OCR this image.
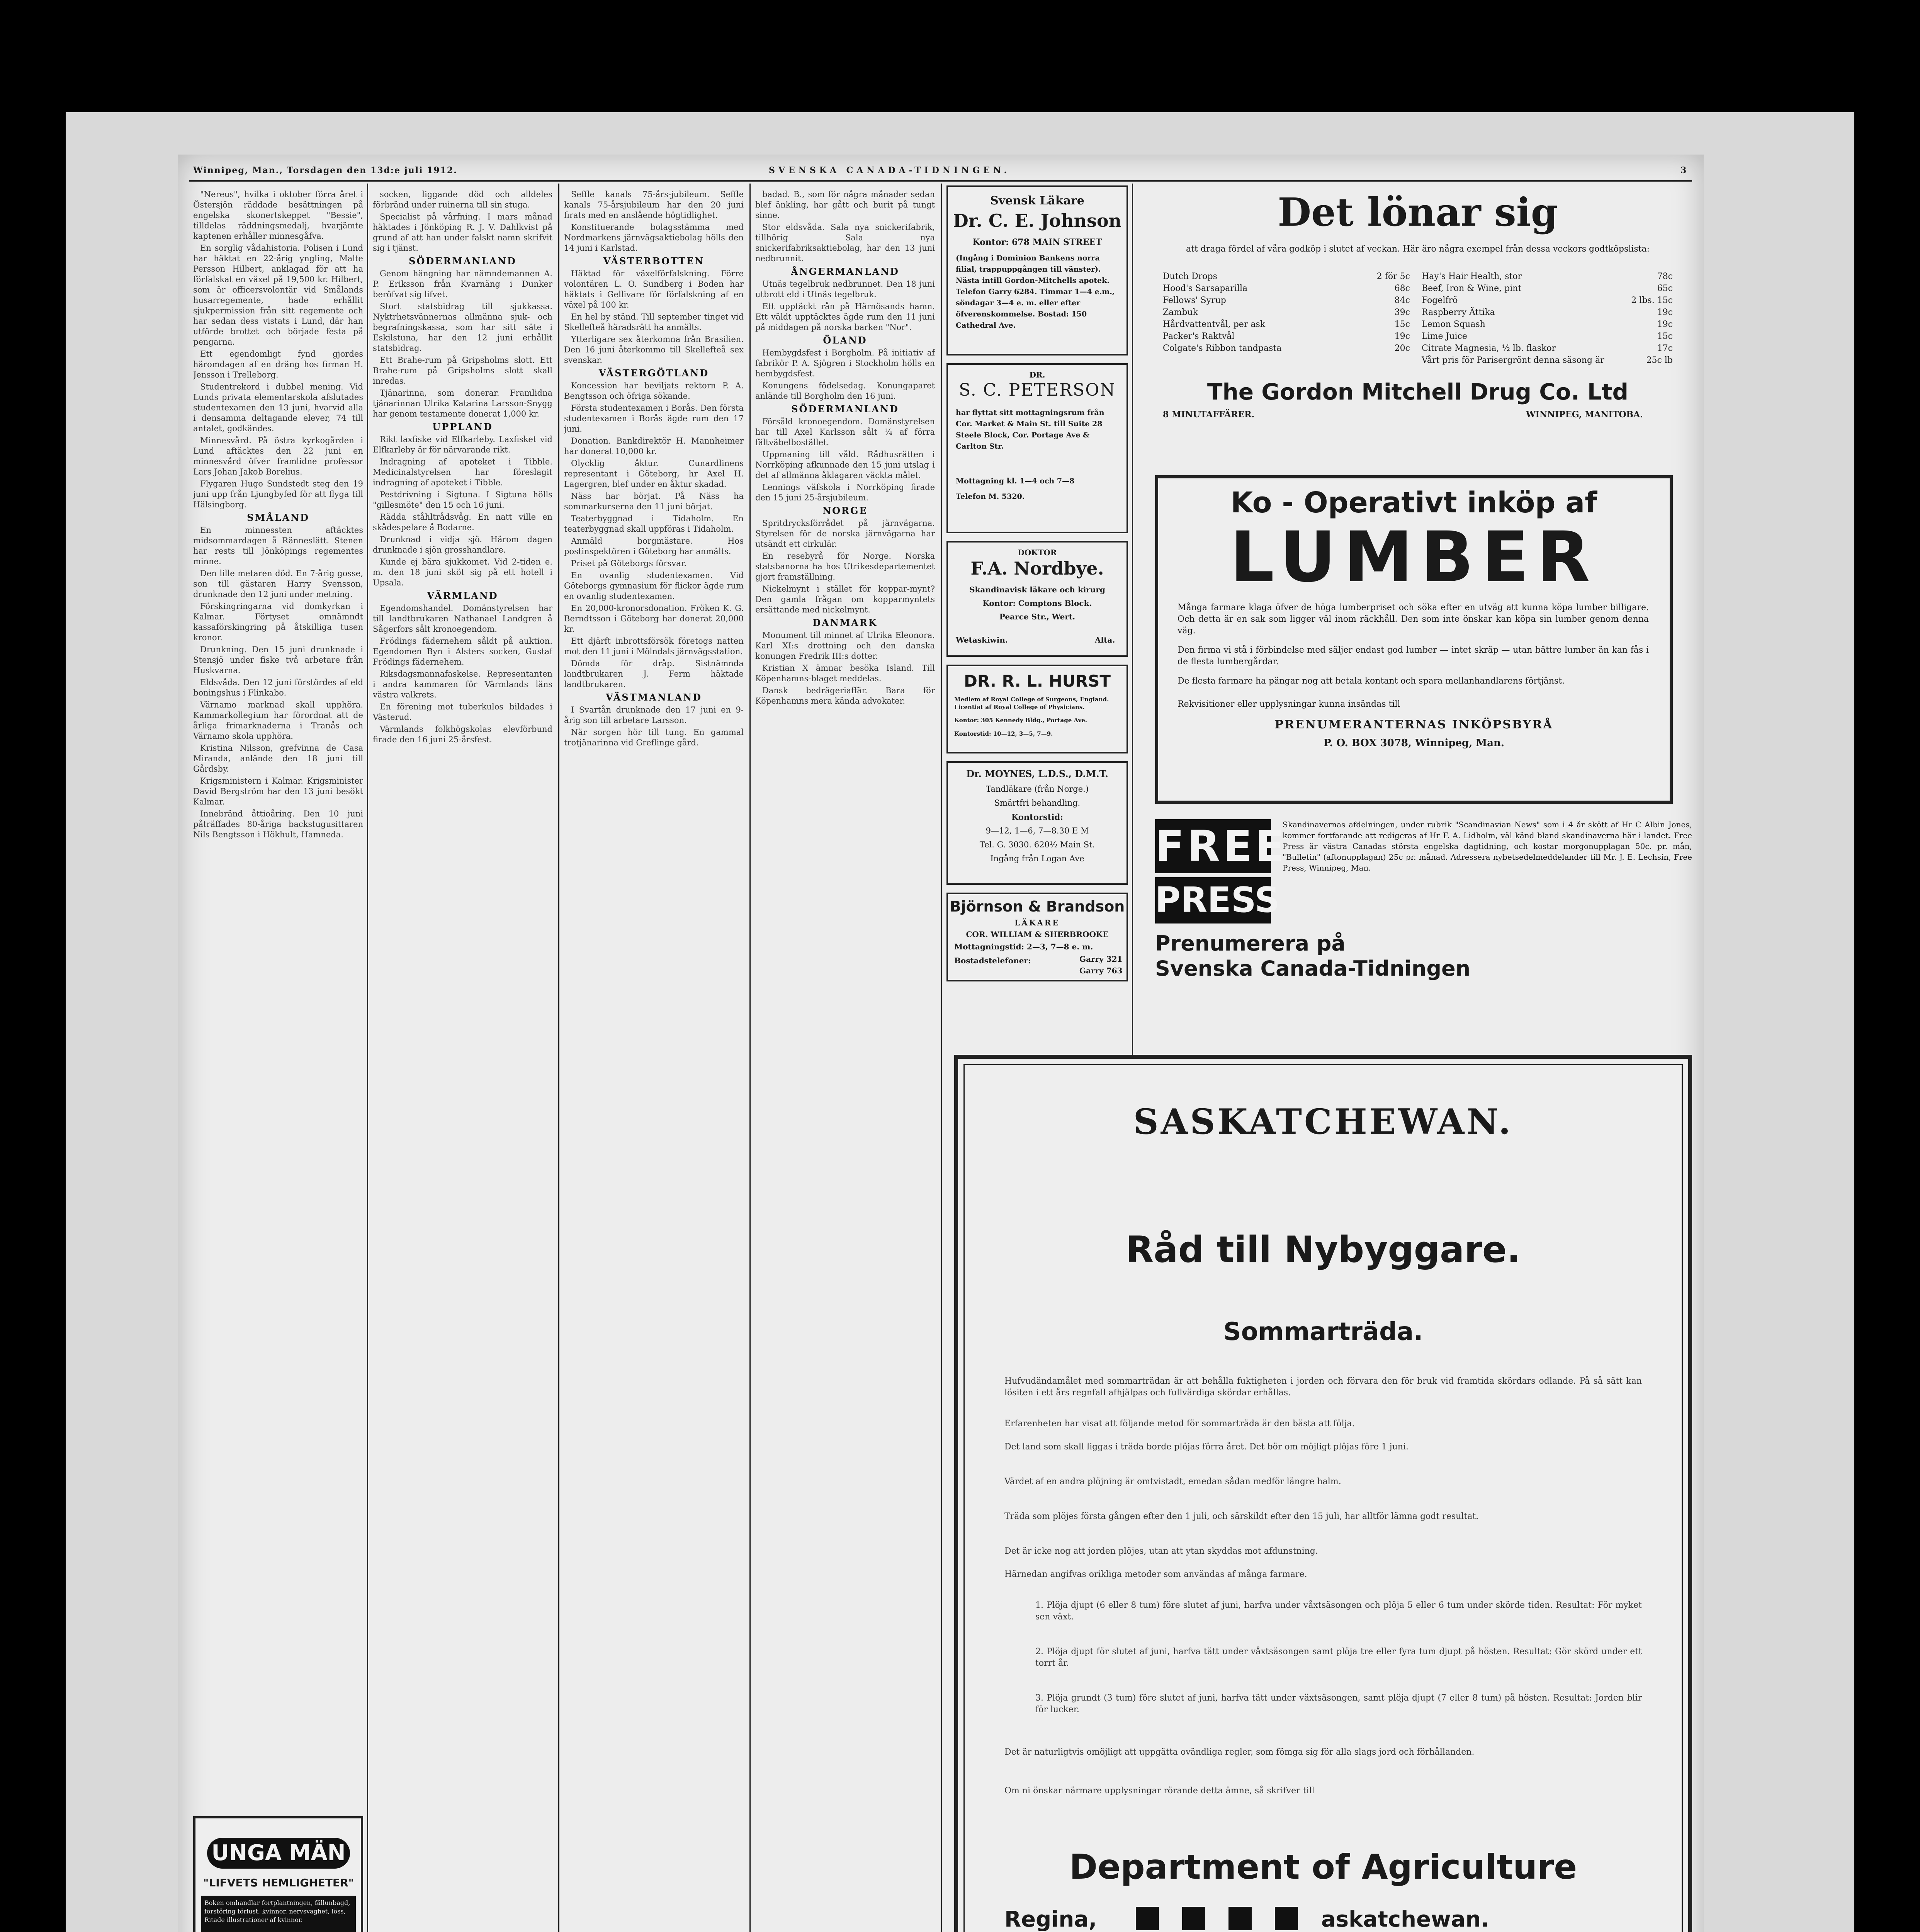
Winnipeg, Man., Torsdagen den 13d:e juli 1912.	SVENSKA CANADA-TIDNINGEN.	3

"Nereus", hvilka i oktober förra året i Östersjön räddade besättningen på engelska skonertskeppet "Bessie", tilldelas räddningsmedalj, hvarjämte kaptenen erhåller minnesgåfva.

En sorglig vådahistoria. Polisen i Lund har häktat en 22-årig yngling, Malte Persson Hilbert, anklagad för att ha förfalskat en växel på 19,500 kr. Hilbert, som är officersvolontär vid Smålands husarregemente, hade erhållit sjukpermission från sitt regemente och har sedan dess vistats i Lund, där han utförde brottet och började festa på pengarna.

Ett egendomligt fynd gjordes häromdagen af en dräng hos firman H. Jensson i Trelleborg.

Studentrekord i dubbel mening. Vid Lunds privata elementarskola afslutades studentexamen den 13 juni, hvarvid alla i densamma deltagande elever, 74 till antalet, godkändes.

Minnesvård. På östra kyrkogården i Lund aftäcktes den 22 juni en minnesvård öfver framlidne professor Lars Johan Jakob Borelius.

Flygaren Hugo Sundstedt steg den 19 juni upp från Ljungbyfed för att flyga till Hälsingborg.

SMÅLAND

En minnessten aftäcktes midsommardagen å Ränneslätt. Stenen har rests till Jönköpings regementes minne.

Den lille metaren död. En 7-årig gosse, son till gästaren Harry Svensson, drunknade den 12 juni under metning.

Förskingringarna vid domkyrkan i Kalmar. Förtyset omnämndt kassaförskingring på åtskilliga tusen kronor.

Drunkning. Den 15 juni drunknade i Stensjö under fiske två arbetare från Huskvarna.

Eldsvåda. Den 12 juni förstördes af eld boningshus i Flinkabo.

Värnamo marknad skall upphöra. Kammarkollegium har förordnat att de årliga frimarknaderna i Tranås och Värnamo skola upphöra.

Kristina Nilsson, grefvinna de Casa Miranda, anlände den 18 juni till Gårdsby.

Krigsministern i Kalmar. Krigsminister David Bergström har den 13 juni besökt Kalmar.

Innebränd åttioåring. Den 10 juni påträffades 80-åriga backstugusittaren Nils Bengtsson i Hökhult, Hamneda.

socken, liggande död och alldeles förbränd under ruinerna till sin stuga.

Specialist på vårfning. I mars månad häktades i Jönköping R. J. V. Dahlkvist på grund af att han under falskt namn skrifvit sig i tjänst.

SÖDERMANLAND

Genom hängning har nämndemannen A. P. Eriksson från Kvarnäng i Dunker beröfvat sig lifvet.

Stort statsbidrag till sjukkassa. Nyktrhetsvännernas allmänna sjuk- och begrafningskassa, som har sitt säte i Eskilstuna, har den 12 juni erhållit statsbidrag.

Ett Brahe-rum på Gripsholms slott. Ett Brahe-rum på Gripsholms slott skall inredas.

Tjänarinna, som donerar. Framlidna tjänarinnan Ulrika Katarina Larsson-Snygg har genom testamente donerat 1,000 kr.

UPPLAND

Rikt laxfiske vid Elfkarleby. Laxfisket vid Elfkarleby är för närvarande rikt.

Indragning af apoteket i Tibble. Medicinalstyrelsen har föreslagit indragning af apoteket i Tibble.

Pestdrivning i Sigtuna. I Sigtuna hölls "gillesmöte" den 15 och 16 juni.

Rädda ståhltrådsvåg. En natt ville en skådespelare å Bodarne.

Drunknad i vidja sjö. Härom dagen drunknade i sjön grosshandlare.

Kunde ej bära sjukkomet. Vid 2-tiden e. m. den 18 juni sköt sig på ett hotell i Upsala.

VÄRMLAND

Egendomshandel. Domänstyrelsen har till landtbrukaren Nathanael Landgren å Sågerfors sålt kronoegendom.

Frödings fädernehem såldt på auktion. Egendomen Byn i Alsters socken, Gustaf Frödings fädernehem.

Riksdagsmannafaskelse. Representanten i andra kammaren för Värmlands läns västra valkrets.

En förening mot tuberkulos bildades i Västerud.

Värmlands folkhögskolas elevförbund firade den 16 juni 25-årsfest.

Seffle kanals 75-års-jubileum. Seffle kanals 75-årsjubileum har den 20 juni firats med en anslående högtidlighet.

Konstituerande bolagsstämma med Nordmarkens järnvägsaktiebolag hölls den 14 juni i Karlstad.

VÄSTERBOTTEN

Häktad för växelförfalskning. Förre volontären L. O. Sundberg i Boden har häktats i Gellivare för förfalskning af en växel på 100 kr.

En hel by ständ. Till september tinget vid Skellefteå häradsrätt ha anmälts.

Ytterligare sex återkomna från Brasilien. Den 16 juni återkommo till Skellefteå sex svenskar.

VÄSTERGÖTLAND

Koncession har beviljats rektorn P. A. Bengtsson och öfriga sökande.

Första studentexamen i Borås. Den första studentexamen i Borås ägde rum den 17 juni.

Donation. Bankdirektör H. Mannheimer har donerat 10,000 kr.

Olycklig åktur. Cunardlinens representant i Göteborg, hr Axel H. Lagergren, blef under en åktur skadad.

Näss har börjat. På Näss ha sommarkurserna den 11 juni börjat.

Teaterbyggnad i Tidaholm. En teaterbyggnad skall uppföras i Tidaholm.

Anmäld borgmästare. Hos postinspektören i Göteborg har anmälts.

Priset på Göteborgs försvar.

En ovanlig studentexamen. Vid Göteborgs gymnasium för flickor ägde rum en ovanlig studentexamen.

En 20,000-kronorsdonation. Fröken K. G. Berndtsson i Göteborg har donerat 20,000 kr.

Ett djärft inbrottsförsök företogs natten mot den 11 juni i Mölndals järnvägsstation.

Dömda för dråp. Sistnämnda landtbrukaren J. Ferm häktade landtbrukaren.

VÄSTMANLAND

I Svartån drunknade den 17 juni en 9-årig son till arbetare Larsson.

När sorgen hör till tung. En gammal trotjänarinna vid Greflinge gård.

badad. B., som för några månader sedan blef änkling, har gått och burit på tungt sinne.

Stor eldsvåda. Sala nya snickerifabrik, tillhörig Sala nya snickerifabriksaktiebolag, har den 13 juni nedbrunnit.

ÅNGERMANLAND

Utnäs tegelbruk nedbrunnet. Den 18 juni utbrott eld i Utnäs tegelbruk.

Ett upptäckt rån på Härnösands hamn. Ett väldt upptäcktes ägde rum den 11 juni på middagen på norska barken "Nor".

ÖLAND

Hembygdsfest i Borgholm. På initiativ af fabrikör P. A. Sjögren i Stockholm hölls en hembygdsfest.

Konungens födelsedag. Konungaparet anlände till Borgholm den 16 juni.

SÖDERMANLAND

Försåld kronoegendom. Domänstyrelsen har till Axel Karlsson sålt ¼ af förra fältväbelbostället.

Uppmaning till våld. Rådhusrätten i Norrköping afkunnade den 15 juni utslag i det af allmänna åklagaren väckta målet.

Lennings väfskola i Norrköping firade den 15 juni 25-årsjubileum.

NORGE

Spritdrycksförrådet på järnvägarna. Styrelsen för de norska järnvägarna har utsändt ett cirkulär.

En resebyrå för Norge. Norska statsbanorna ha hos Utrikesdepartementet gjort framställning.

Nickelmynt i stället för koppar-mynt? Den gamla frågan om kopparmyntets ersättande med nickelmynt.

DANMARK

Monument till minnet af Ulrika Eleonora. Karl XI:s drottning och den danska konungen Fredrik III:s dotter.

Kristian X ämnar besöka Island. Till Köpenhamns-blaget meddelas.

Dansk bedrägeriaffär. Bara för Köpenhamns mera kända advokater.

UNGA MÄN
"LIFVETS HEMLIGHETER"
Boken omhandlar fortplantningen, fällunbagd, förstöring förlust, kvinnor, nervsvaghet, löss, Ritade illustrationer af kvinnor.
Svensk Läkare
Dr. C. E. Johnson
Kontor: 678 MAIN STREET
(Ingång i Dominion Bankens norra filial, trappuppgången till vänster). Nästa intill Gordon-Mitchells apotek. Telefon Garry 6284. Timmar 1—4 e.m., söndagar 3—4 e. m. eller efter öfverenskommelse. Bostad: 150 Cathedral Ave.
DR.
S. C. PETERSON
har flyttat sitt mottagningsrum från Cor. Market & Main St. till Suite 28 Steele Block, Cor. Portage Ave & Carlton Str.
Mottagning kl. 1—4 och 7—8
Telefon M. 5320.
DOKTOR
F.A. Nordbye.
Skandinavisk läkare och kirurg
Kontor: Comptons Block.
Pearce Str., Wert.
Wetaskiwin.	Alta.
DR. R. L. HURST
Medlem af Royal College of Surgeons, England. Licentiat af Royal College of Physicians.
Kontor: 305 Kennedy Bldg., Portage Ave.
Kontorstid: 10—12, 3—5, 7—9.
Dr. MOYNES, L.D.S., D.M.T.
Tandläkare (från Norge.)
Smärtfri behandling.
Kontorstid:
9—12, 1—6, 7—8.30 E M
Tel. G. 3030. 620½ Main St.
Ingång från Logan Ave
Björnson & Brandson
LÄKARE
COR. WILLIAM & SHERBROOKE
Mottagningstid: 2—3, 7—8 e. m.
Bostadstelefoner:	Garry 321
Garry 763
Det lönar sig
att draga fördel af våra godköp i slutet af veckan. Här äro några exempel från dessa veckors godtköpslista:
Dutch Drops	2 för 5c
Hood's Sarsaparilla	68c
Fellows' Syrup	84c
Zambuk	39c
Hårdvattentvål, per ask	15c
Packer's Raktvål	19c
Colgate's Ribbon tandpasta	20c
Hay's Hair Health, stor	78c
Beef, Iron & Wine, pint	65c
Fogelfrö	2 lbs. 15c
Raspberry Ättika	19c
Lemon Squash	19c
Lime Juice	15c
Citrate Magnesia, ½ lb. flaskor	17c
Vårt pris för Parisergrönt denna säsong är	25c lb
The Gordon Mitchell Drug Co. Ltd
8 MINUTAFFÄRER.	WINNIPEG, MANITOBA.
Ko - Operativt inköp af
LUMBER
Många farmare klaga öfver de höga lumberpriset och söka efter en utväg att kunna köpa lumber billigare. Och detta är en sak som ligger väl inom räckhåll. Den som inte önskar kan köpa sin lumber genom denna väg.
Den firma vi stå i förbindelse med säljer endast god lumber — intet skräp — utan bättre lumber än kan fås i de flesta lumbergårdar.
De flesta farmare ha pängar nog att betala kontant och spara mellanhandlarens förtjänst.
Rekvisitioner eller upplysningar kunna insändas till
PRENUMERANTERNAS INKÖPSBYRÅ
P. O. BOX 3078, Winnipeg, Man.
FREE
PRESS
Skandinavernas afdelningen, under rubrik "Scandinavian News" som i 4 år skött af Hr C Albin Jones, kommer fortfarande att redigeras af Hr F. A. Lidholm, väl känd bland skandinaverna här i landet. Free Press är västra Canadas största engelska dagtidning, och kostar morgonupplagan 50c. pr. mån, "Bulletin" (aftonupplagan) 25c pr. månad. Adressera nybetsedelmeddelander till Mr. J. E. Lechsin, Free Press, Winnipeg, Man.
Prenumerera på
Svenska Canada-Tidningen
SASKATCHEWAN.
Råd till Nybyggare.
Sommarträda.
Hufvudändamålet med sommarträdan är att behålla fuktigheten i jorden och förvara den för bruk vid framtida skördars odlande. På så sätt kan lösiten i ett års regnfall afhjälpas och fullvärdiga skördar erhållas.
Erfarenheten har visat att följande metod för sommarträda är den bästa att följa.
Det land som skall liggas i träda borde plöjas förra året. Det bör om möjligt plöjas före 1 juni.
Värdet af en andra plöjning är omtvistadt, emedan sådan medför längre halm.
Träda som plöjes första gången efter den 1 juli, och särskildt efter den 15 juli, har alltför lämna godt resultat.
Det är icke nog att jorden plöjes, utan att ytan skyddas mot afdunstning.
Härnedan angifvas orikliga metoder som användas af många farmare.
1. Plöja djupt (6 eller 8 tum) före slutet af juni, harfva under våxtsäsongen och plöja 5 eller 6 tum under skörde tiden. Resultat: För myket sen växt.
2. Plöja djupt för slutet af juni, harfva tätt under våxtsäsongen samt plöja tre eller fyra tum djupt på hösten. Resultat: Gör skörd under ett torrt år.
3. Plöja grundt (3 tum) före slutet af juni, harfva tätt under växtsäsongen, samt plöja djupt (7 eller 8 tum) på hösten. Resultat: Jorden blir för lucker.
Det är naturligtvis omöjligt att uppgätta ovändliga regler, som fömga sig för alla slags jord och förhållanden.
Om ni önskar närmare upplysningar rörande detta ämne, så skrifver till
Department of Agriculture
Regina,	askatchewan.
